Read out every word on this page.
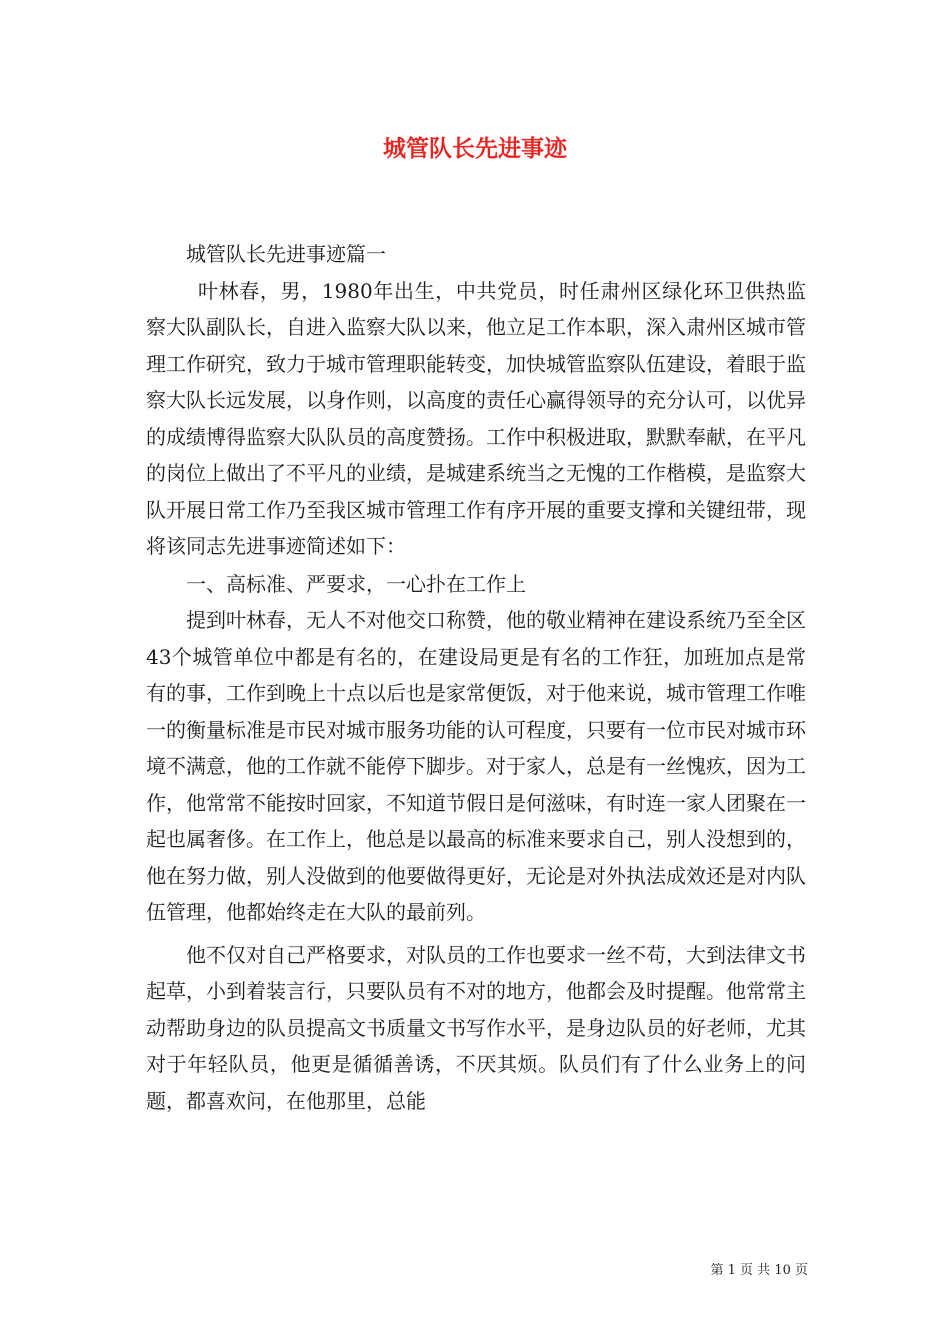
城管队长先进事迹

城管队长先进事迹篇一

叶林春，男，1980年出生，中共党员，时任肃州区绿化环卫供热监察大队副队长，自进入监察大队以来，他立足工作本职，深入肃州区城市管理工作研究，致力于城市管理职能转变，加快城管监察队伍建设，着眼于监察大队长远发展，以身作则，以高度的责任心赢得领导的充分认可，以优异的成绩博得监察大队队员的高度赞扬。工作中积极进取，默默奉献，在平凡的岗位上做出了不平凡的业绩，是城建系统当之无愧的工作楷模，是监察大队开展日常工作乃至我区城市管理工作有序开展的重要支撑和关键纽带，现将该同志先进事迹简述如下：

一、高标准、严要求，一心扑在工作上

提到叶林春，无人不对他交口称赞，他的敬业精神在建设系统乃至全区43个城管单位中都是有名的，在建设局更是有名的工作狂，加班加点是常有的事，工作到晚上十点以后也是家常便饭，对于他来说，城市管理工作唯一的衡量标准是市民对城市服务功能的认可程度，只要有一位市民对城市环境不满意，他的工作就不能停下脚步。对于家人，总是有一丝愧疚，因为工作，他常常不能按时回家，不知道节假日是何滋味，有时连一家人团聚在一起也属奢侈。在工作上，他总是以最高的标准来要求自己，别人没想到的，他在努力做，别人没做到的他要做得更好，无论是对外执法成效还是对内队伍管理，他都始终走在大队的最前列。

他不仅对自己严格要求，对队员的工作也要求一丝不苟，大到法律文书起草，小到着装言行，只要队员有不对的地方，他都会及时提醒。他常常主动帮助身边的队员提高文书质量文书写作水平，是身边队员的好老师，尤其对于年轻队员，他更是循循善诱，不厌其烦。队员们有了什么业务上的问题，都喜欢问，在他那里，总能

第 1 页 共 10 页
